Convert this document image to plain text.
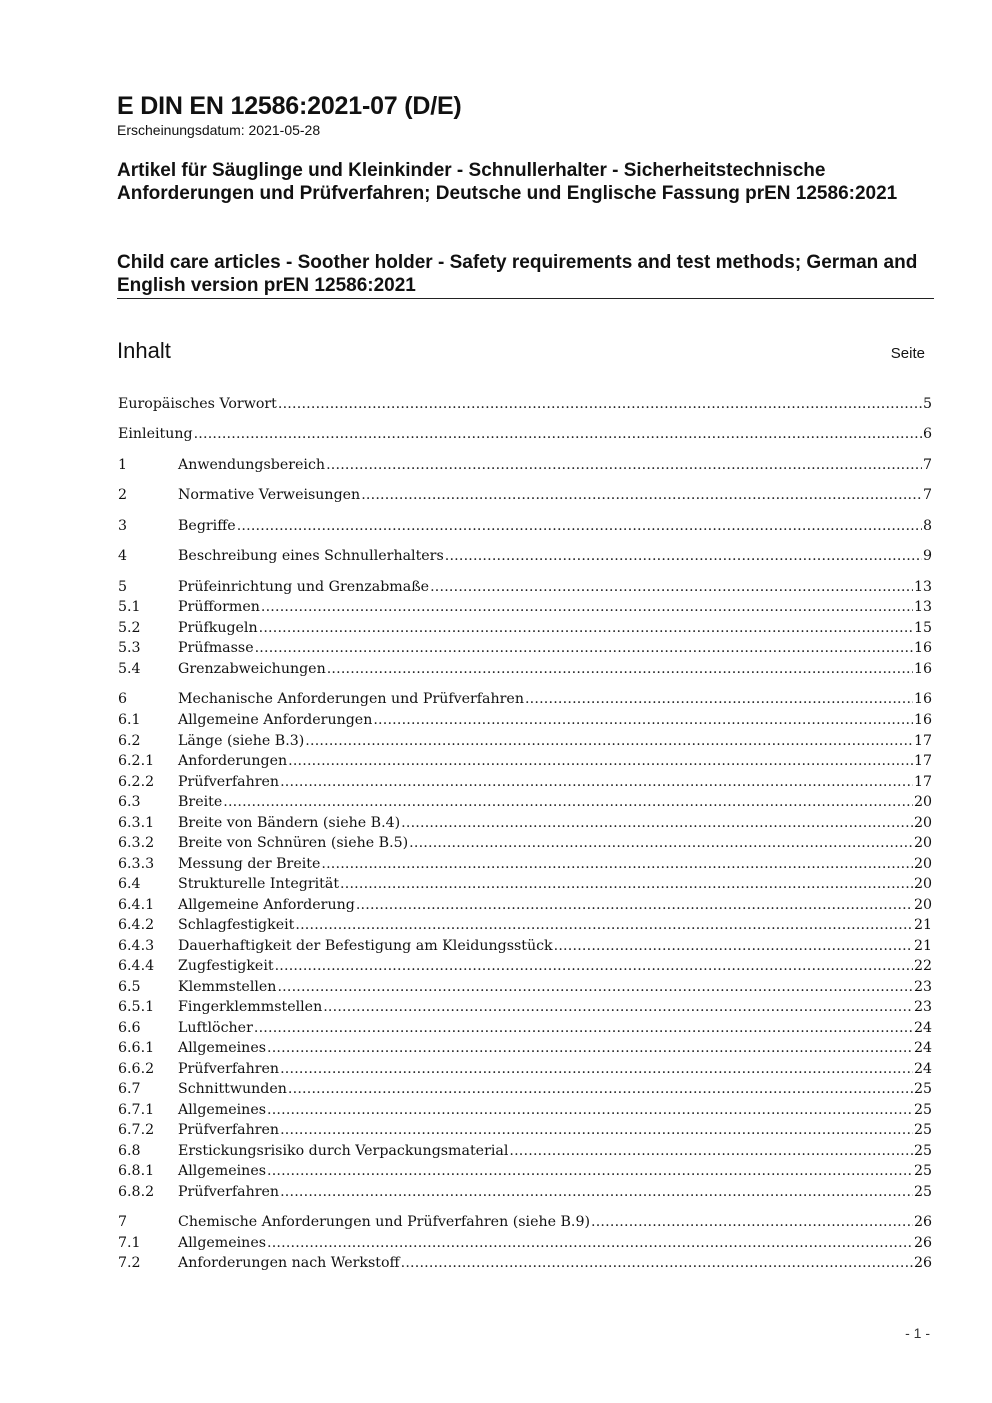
E DIN EN 12586:2021-07 (D/E)
Erscheinungsdatum: 2021-05-28
Artikel für Säuglinge und Kleinkinder - Schnullerhalter - Sicherheitstechnische Anforderungen und Prüfverfahren; Deutsche und Englische Fassung prEN 12586:2021
Child care articles - Soother holder - Safety requirements and test methods; German and English version prEN 12586:2021
Inhalt	Seite
Europäisches Vorwort .....	5
Einleitung .....	6
1	Anwendungsbereich .....	7
2	Normative Verweisungen .....	7
3	Begriffe .....	8
4	Beschreibung eines Schnullerhalters .....	9
5	Prüfeinrichtung und Grenzabmaße .....	13
5.1	Prüfformen .....	13
5.2	Prüfkugeln .....	15
5.3	Prüfmasse .....	16
5.4	Grenzabweichungen .....	16
6	Mechanische Anforderungen und Prüfverfahren .....	16
6.1	Allgemeine Anforderungen .....	16
6.2	Länge (siehe B.3) .....	17
6.2.1	Anforderungen .....	17
6.2.2	Prüfverfahren .....	17
6.3	Breite .....	20
6.3.1	Breite von Bändern (siehe B.4) .....	20
6.3.2	Breite von Schnüren (siehe B.5) .....	20
6.3.3	Messung der Breite .....	20
6.4	Strukturelle Integrität .....	20
6.4.1	Allgemeine Anforderung .....	20
6.4.2	Schlagfestigkeit .....	21
6.4.3	Dauerhaftigkeit der Befestigung am Kleidungsstück .....	21
6.4.4	Zugfestigkeit .....	22
6.5	Klemmstellen .....	23
6.5.1	Fingerklemmstellen .....	23
6.6	Luftlöcher .....	24
6.6.1	Allgemeines .....	24
6.6.2	Prüfverfahren .....	24
6.7	Schnittwunden .....	25
6.7.1	Allgemeines .....	25
6.7.2	Prüfverfahren .....	25
6.8	Erstickungsrisiko durch Verpackungsmaterial .....	25
6.8.1	Allgemeines .....	25
6.8.2	Prüfverfahren .....	25
7	Chemische Anforderungen und Prüfverfahren (siehe B.9) .....	26
7.1	Allgemeines .....	26
7.2	Anforderungen nach Werkstoff .....	26
- 1 -
